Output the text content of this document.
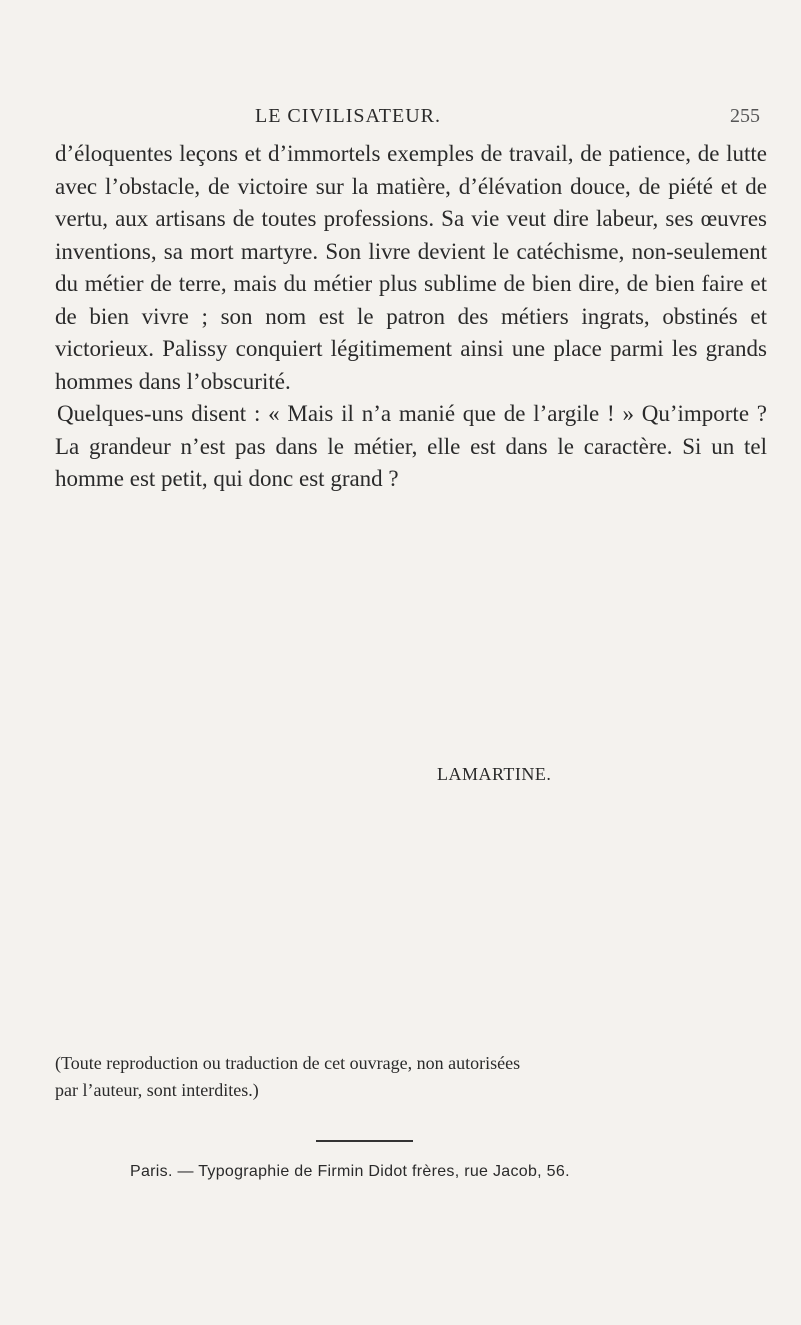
LE CIVILISATEUR.	255

d’éloquentes leçons et d’immortels exemples de travail, de patience, de lutte avec l’obstacle, de victoire sur la matière, d’élévation douce, de piété et de vertu, aux artisans de toutes professions. Sa vie veut dire labeur, ses œuvres inventions, sa mort martyre. Son livre devient le catéchisme, non-seulement du métier de terre, mais du métier plus sublime de bien dire, de bien faire et de bien vivre ; son nom est le patron des métiers ingrats, obstinés et victorieux. Palissy conquiert légitimement ainsi une place parmi les grands hommes dans l’obscurité.

Quelques-uns disent : « Mais il n’a manié que de l’argile ! » Qu’importe ? La grandeur n’est pas dans le métier, elle est dans le caractère. Si un tel homme est petit, qui donc est grand ?

LAMARTINE.
(Toute reproduction ou traduction de cet ouvrage, non autorisées
par l’auteur, sont interdites.)
Paris. — Typographie de Firmin Didot frères, rue Jacob, 56.
